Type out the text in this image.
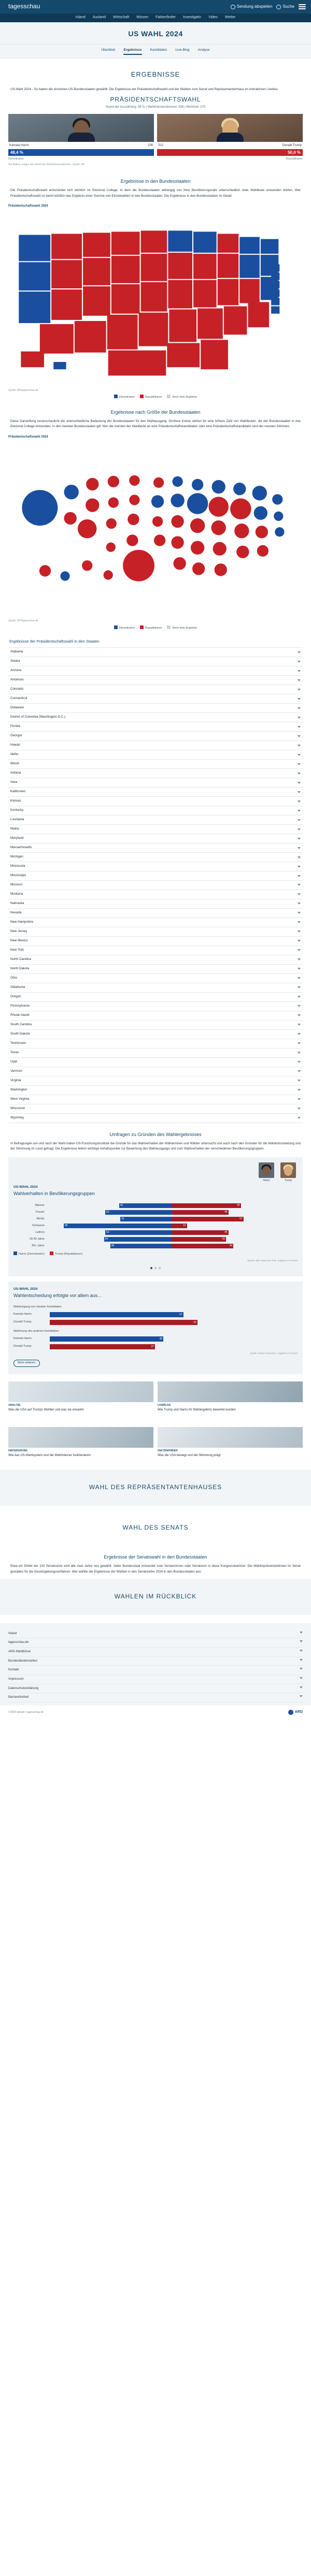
tagesschau	Sendung abspielen	Suche
Inland Ausland Wirtschaft Wissen Faktenfinder Investigativ Video Wetter
US WAHL 2024
Überblick Ergebnisse Kandidaten Live-Blog Analyse
ERGEBNISSE
US-Wahl 2024 - So haben die einzelnen US-Bundesstaaten gewählt: Die Ergebnisse der Präsidentschaftswahl und der Wahlen zum Senat und Repräsentantenhaus im interaktiven Livebox.
PRÄSIDENTSCHAFTSWAHL
Stand der Auszählung: 99 % | Wahlmännerstimmen: 538 | Mehrheit: 270
Kamala Harris	226
48,4 %
Demokraten
312	Donald Trump
50,0 %
Republikaner
Die Balken zeigen den Anteil der Wahlmännerstimmen. Quelle: AP
Ergebnisse in den Bundesstaaten
Die Präsidentschaftswahl entscheidet sich letztlich im Electoral College, in dem die Bundesstaaten abhängig von ihrer Bevölkerungszahl unterschiedlich viele Wahlleute entsenden dürfen. Wer Präsidentschaftswahl ist damit letztlich das Ergebnis einer Summe von Einzelwahlen in den Bundesstaaten. Die Ergebnisse in den Bundesstaaten im Detail:
Präsidentschaftswahl 2024
Quelle: AP/tagesschau.de
Demokraten	Republikaner	Noch kein Ergebnis
Ergebnisse nach Größe der Bundesstaaten
Diese Darstellung veranschaulicht die unterschiedliche Bedeutung der Bundesstaaten für den Wahlausgang. Großere Kreise stehen für eine höhere Zahl von Wahlleuten, die der Bundesstaaten in das Electoral College entsenden. In den meisten Bundesstaaten gilt: Wer die meisten der Wahlleute an eine Präsidentschaftskandidaten oder eine Präsidentschaftskandidatin sind der meisten Stimmen.
Präsidentschaftswahl 2024
Quelle: AP/tagesschau.de
Demokraten	Republikaner	Noch kein Ergebnis
Ergebnisse der Präsidentschaftswahl in den Staaten
Alabama
Alaska
Arizona
Arkansas
Colorado
Connecticut
Delaware
District of Columbia (Washington D.C.)
Florida
Georgia
Hawaii
Idaho
Illinois
Indiana
Iowa
Kalifornien
Kansas
Kentucky
Louisiana
Maine
Maryland
Massachusetts
Michigan
Minnesota
Mississippi
Missouri
Montana
Nebraska
Nevada
New Hampshire
New Jersey
New Mexico
New York
North Carolina
North Dakota
Ohio
Oklahoma
Oregon
Pennsylvania
Rhode Island
South Carolina
South Dakota
Tennessee
Texas
Utah
Vermont
Virginia
Washington
West Virginia
Wisconsin
Wyoming
Umfragen zu Gründen des Wahlergebnisses
In Befragungen am und nach der Wahl haben US-Forschungsinstitute die Gründe für das Wahlverhalten der Wählerinnen und Wähler untersucht und auch nach den Gründen für die Wahlentscheidung und der Stimmung im Land gefragt. Die Ergebnisse liefern wichtige Anhaltspunkte zur Bewertung des Wahlausgangs und zum Wahlverhalten der verschiedenen Bevölkerungsgruppen.
Harris	Trump
US-WAHL 2024
Wahlverhalten in Bevölkerungsgruppen
Männer	42	55
Frauen	53	45
Weiße	41	57
Schwarze	86	12
Latinos	53	45
18-29 Jahre	54	43
65+ Jahre	49	49
Harris (Demokraten)	Trump (Republikaner)
Quelle: NBC News Exit Poll, Angaben in Prozent
US-WAHL 2024
Wahlentscheidung erfolgte vor allem aus...
Wahleingang von meisten Kandidaten
Kamala Harris	47
Donald Trump	52
Ablehnung des anderen Kandidaten
Kamala Harris	40
Donald Trump	37
Quelle: Edison Research, Angaben in Prozent
Mehr erfahren
ANALYSE
Was die USA auf Trumps Wahlen und was sie erwartet
LIVEBLOG
Wie Trump und Harris ihr Wahlergebnis bewertet wurden
HINTERGRUND
Wie das US-Wahlsystem und die Wahlmänner funktionieren
FAKTENFINDER
Was die USA bewegt und die Stimmung prägt
WAHL DES REPRÄSENTANTENHAUSES
WAHL DES SENATS
Ergebnisse der Senatswahl in den Bundesstaaten
Etwa ein Drittel der 100 Senatssitze wird alle zwei Jahre neu gewählt. Jeder Bundesstaat entsendet zwei Senatorinnen oder Senatoren in diese Kongresskammer. Die Wahlrepräsentantinnen im Senat gestalten für die Gesetzgebungsverfahren. Wer wählte die Ergebnisse der Wahlen in den Senatsreihe 2024 in den Bundesstaaten aus:
WAHLEN IM RÜCKBLICK
Inland
tagesschau.de
ARD-Wahlbörse
Bundesländerwahlen
Kontakt
Impressum
Datenschutzerklärung
Barrierefreiheit
© ARD-aktuell / tagesschau.de	ARD
